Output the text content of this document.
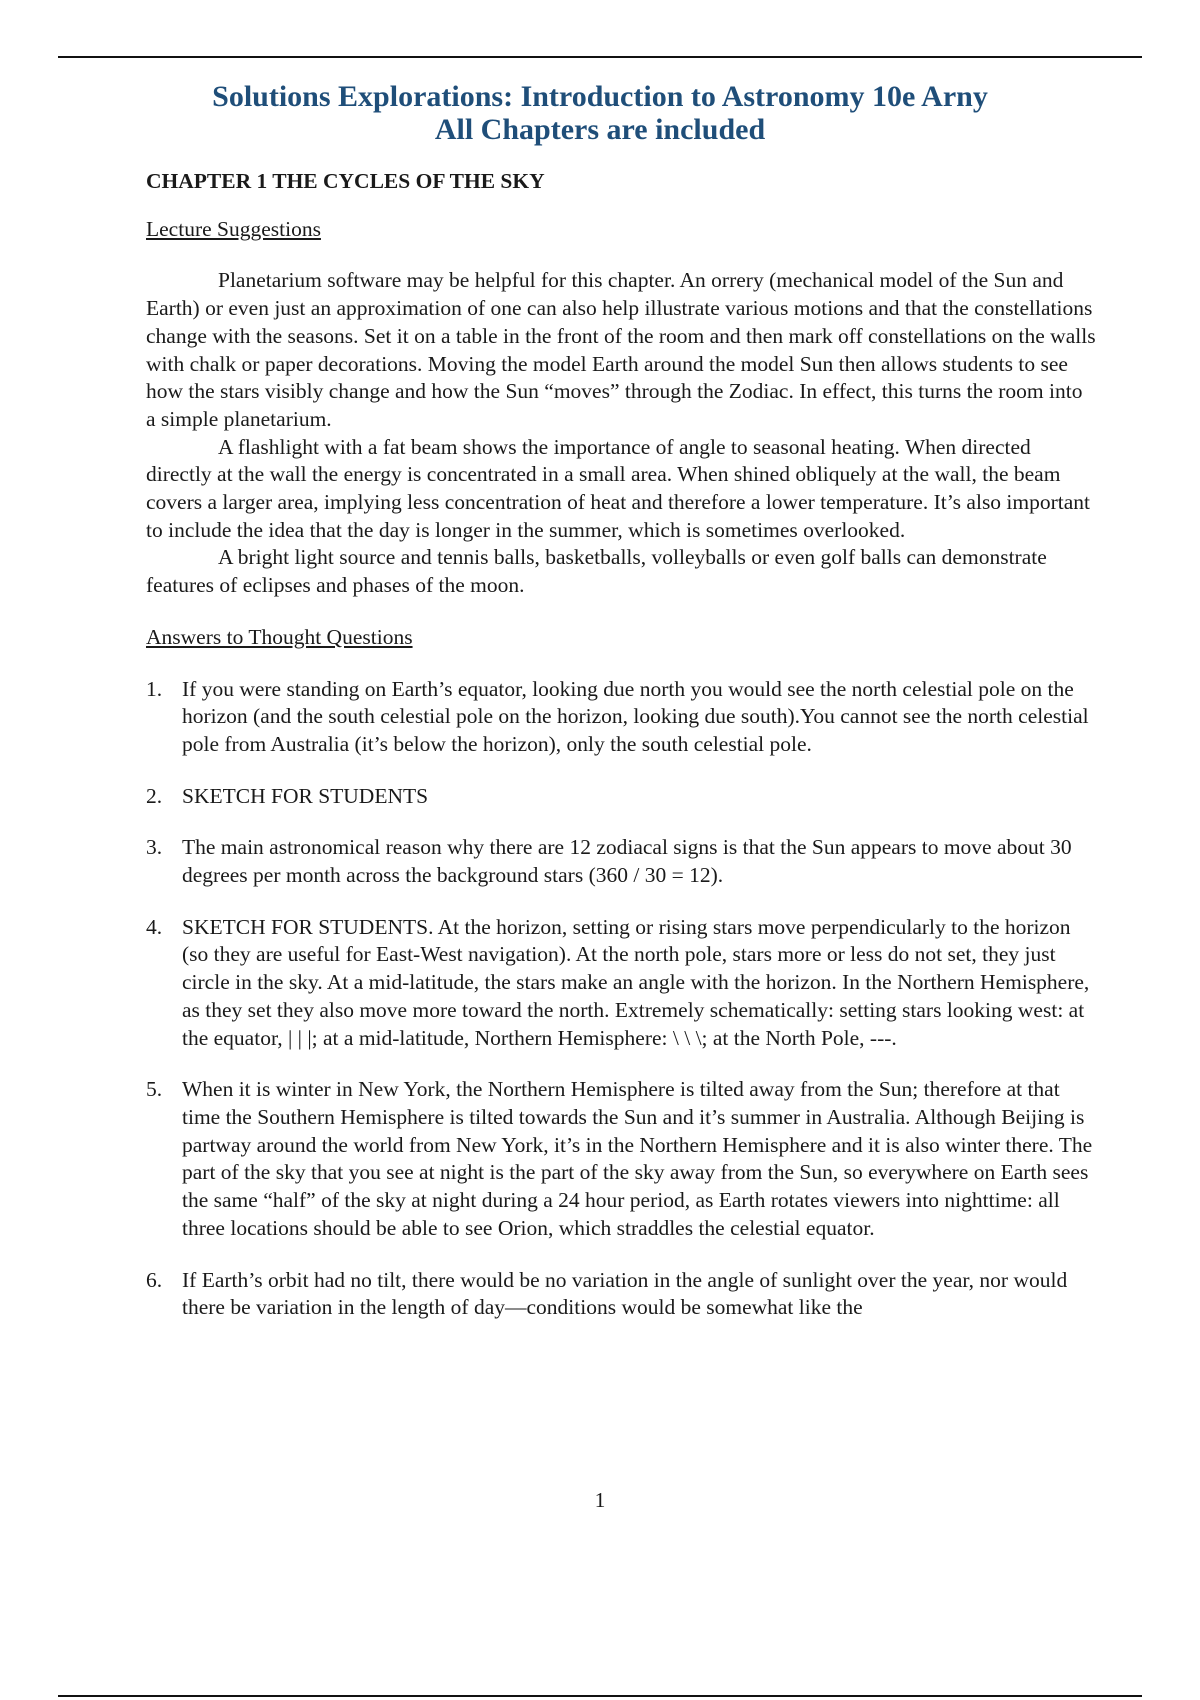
Solutions Explorations: Introduction to Astronomy 10e Arny
All Chapters are included
CHAPTER 1 THE CYCLES OF THE SKY
Lecture Suggestions

Planetarium software may be helpful for this chapter. An orrery (mechanical model of the Sun and Earth) or even just an approximation of one can also help illustrate various motions and that the constellations change with the seasons. Set it on a table in the front of the room and then mark off constellations on the walls with chalk or paper decorations. Moving the model Earth around the model Sun then allows students to see how the stars visibly change and how the Sun “moves” through the Zodiac. In effect, this turns the room into a simple planetarium.

A flashlight with a fat beam shows the importance of angle to seasonal heating. When directed directly at the wall the energy is concentrated in a small area. When shined obliquely at the wall, the beam covers a larger area, implying less concentration of heat and therefore a lower temperature. It’s also important to include the idea that the day is longer in the summer, which is sometimes overlooked.

A bright light source and tennis balls, basketballs, volleyballs or even golf balls can demonstrate features of eclipses and phases of the moon.

Answers to Thought Questions
1. If you were standing on Earth’s equator, looking due north you would see the north celestial pole on the horizon (and the south celestial pole on the horizon, looking due south).You cannot see the north celestial pole from Australia (it’s below the horizon), only the south celestial pole.
2. SKETCH FOR STUDENTS
3. The main astronomical reason why there are 12 zodiacal signs is that the Sun appears to move about 30 degrees per month across the background stars (360 / 30 = 12).
4. SKETCH FOR STUDENTS. At the horizon, setting or rising stars move perpendicularly to the horizon (so they are useful for East-West navigation). At the north pole, stars more or less do not set, they just circle in the sky. At a mid-latitude, the stars make an angle with the horizon. In the Northern Hemisphere, as they set they also move more toward the north. Extremely schematically: setting stars looking west: at the equator, | | |; at a mid-latitude, Northern Hemisphere: \ \ \; at the North Pole, ---.
5. When it is winter in New York, the Northern Hemisphere is tilted away from the Sun; therefore at that time the Southern Hemisphere is tilted towards the Sun and it’s summer in Australia. Although Beijing is partway around the world from New York, it’s in the Northern Hemisphere and it is also winter there. The part of the sky that you see at night is the part of the sky away from the Sun, so everywhere on Earth sees the same “half” of the sky at night during a 24 hour period, as Earth rotates viewers into nighttime: all three locations should be able to see Orion, which straddles the celestial equator.
6. If Earth’s orbit had no tilt, there would be no variation in the angle of sunlight over the year, nor would there be variation in the length of day—conditions would be somewhat like the
1
